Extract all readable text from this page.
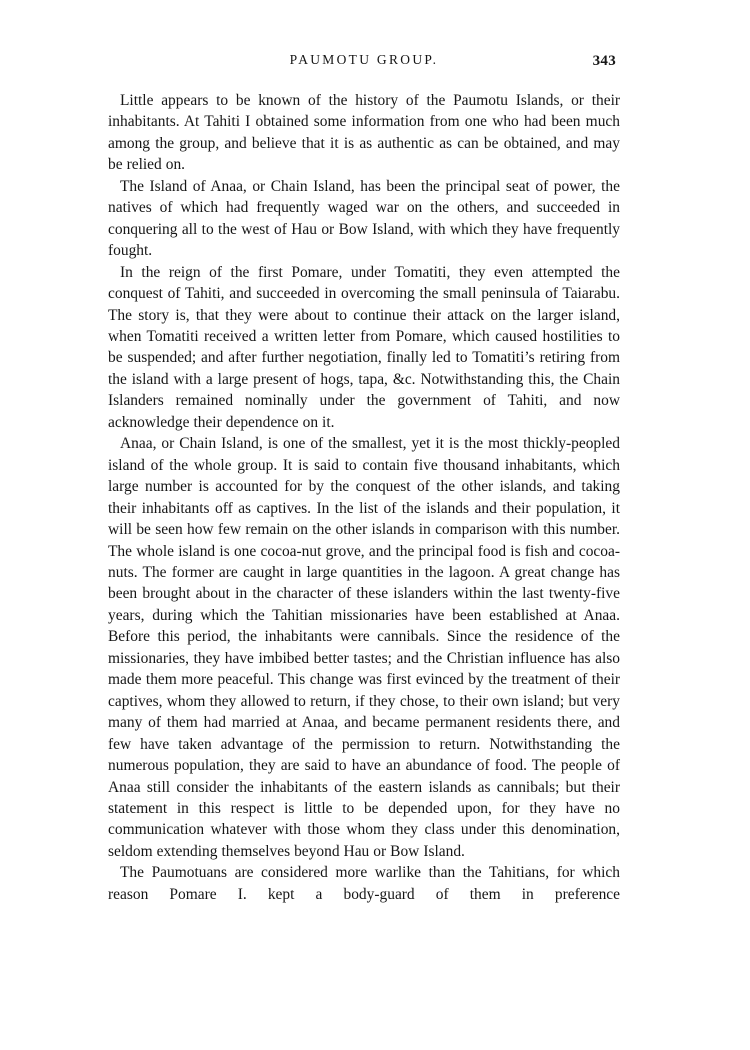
PAUMOTU GROUP.	343

Little appears to be known of the history of the Paumotu Islands, or their inhabitants. At Tahiti I obtained some information from one who had been much among the group, and believe that it is as authentic as can be obtained, and may be relied on.

The Island of Anaa, or Chain Island, has been the principal seat of power, the natives of which had frequently waged war on the others, and succeeded in conquering all to the west of Hau or Bow Island, with which they have frequently fought.

In the reign of the first Pomare, under Tomatiti, they even attempted the conquest of Tahiti, and succeeded in overcoming the small peninsula of Taiarabu. The story is, that they were about to continue their attack on the larger island, when Tomatiti received a written letter from Pomare, which caused hostilities to be suspended; and after further negotiation, finally led to Tomatiti’s retiring from the island with a large present of hogs, tapa, &c. Notwithstanding this, the Chain Islanders remained nominally under the government of Tahiti, and now acknowledge their dependence on it.

Anaa, or Chain Island, is one of the smallest, yet it is the most thickly-peopled island of the whole group. It is said to contain five thousand inhabitants, which large number is accounted for by the conquest of the other islands, and taking their inhabitants off as captives. In the list of the islands and their population, it will be seen how few remain on the other islands in comparison with this number. The whole island is one cocoa-nut grove, and the principal food is fish and cocoa-nuts. The former are caught in large quantities in the lagoon. A great change has been brought about in the character of these islanders within the last twenty-five years, during which the Tahitian missionaries have been established at Anaa. Before this period, the inhabitants were cannibals. Since the residence of the missionaries, they have imbibed better tastes; and the Christian influence has also made them more peaceful. This change was first evinced by the treatment of their captives, whom they allowed to return, if they chose, to their own island; but very many of them had married at Anaa, and became permanent residents there, and few have taken advantage of the permission to return. Notwithstanding the numerous population, they are said to have an abundance of food. The people of Anaa still consider the inhabitants of the eastern islands as cannibals; but their statement in this respect is little to be depended upon, for they have no communication whatever with those whom they class under this denomination, seldom extending themselves beyond Hau or Bow Island.

The Paumotuans are considered more warlike than the Tahitians, for which reason Pomare I. kept a body-guard of them in preference
